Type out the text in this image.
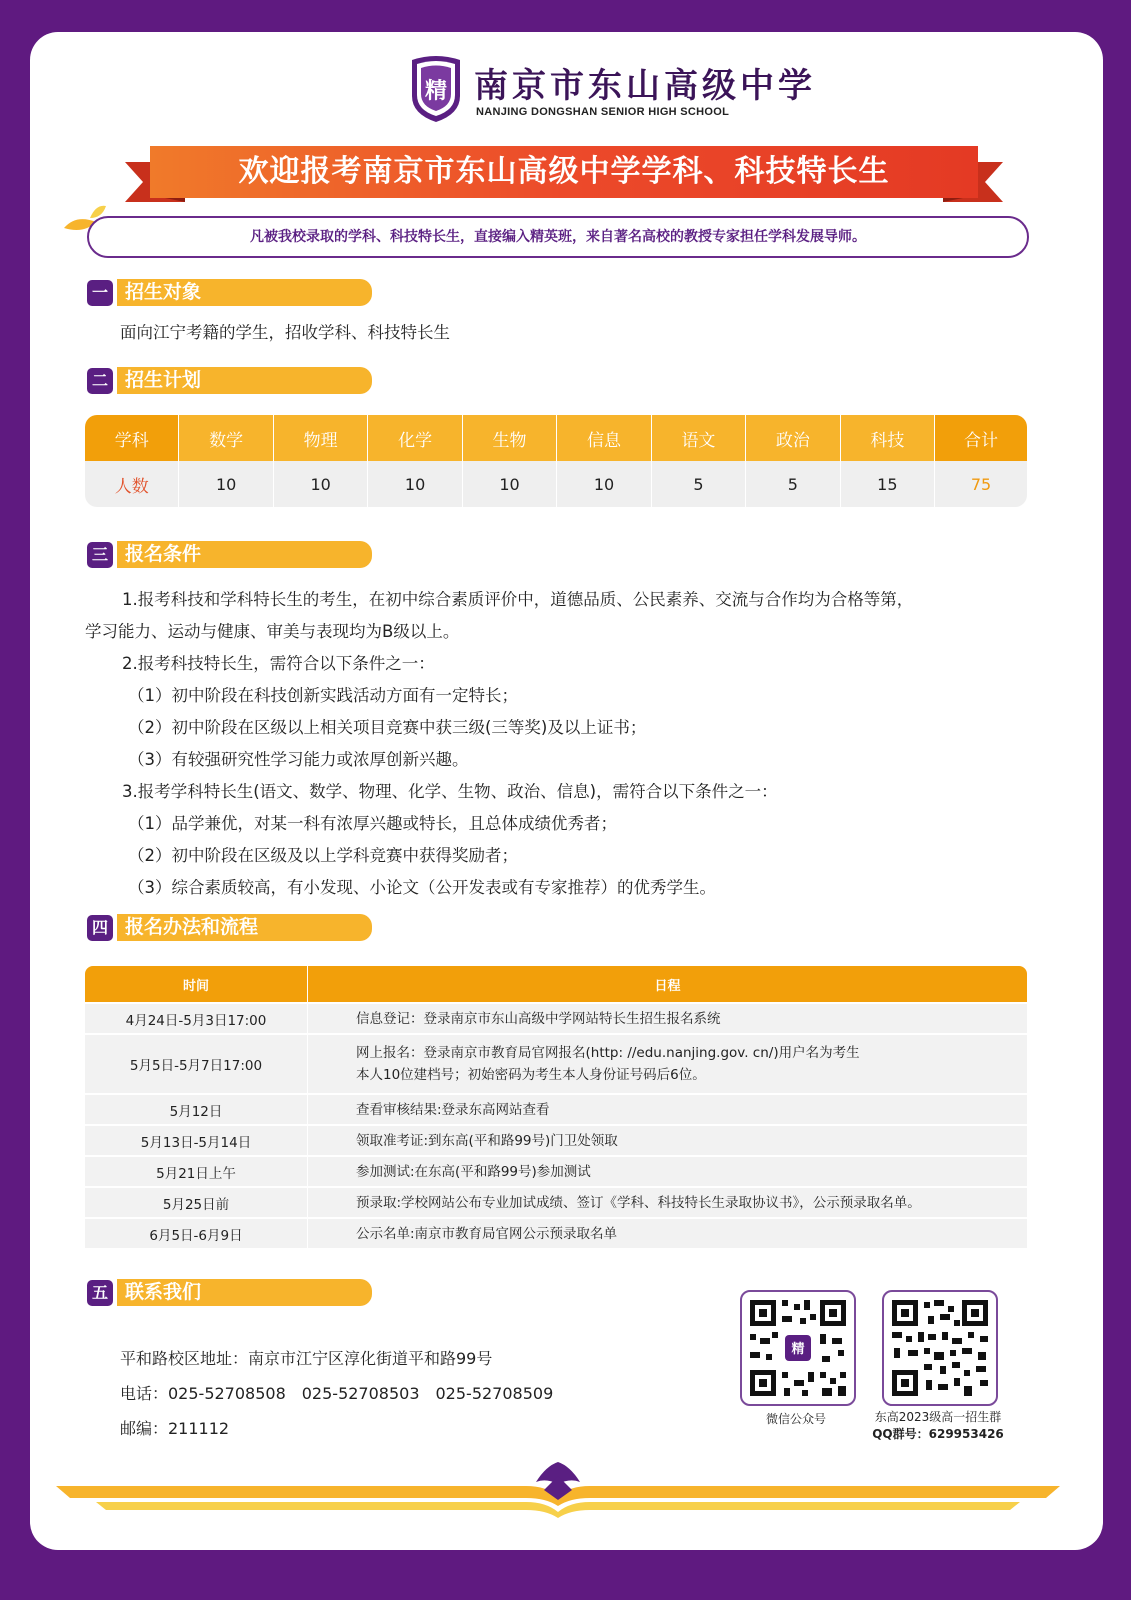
精 南京市东山高级中学
NANJING DONGSHAN SENIOR HIGH SCHOOL
欢迎报考南京市东山高级中学学科、科技特长生
凡被我校录取的学科、科技特长生，直接编入精英班，来自著名高校的教授专家担任学科发展导师。
一 招生对象
面向江宁考籍的学生，招收学科、科技特长生
二 招生计划
学科	数学	物理	化学	生物	信息	语文	政治	科技	合计
人数	10	10	10	10	10	5	5	15	75
三 报名条件
1.报考科技和学科特长生的考生，在初中综合素质评价中，道德品质、公民素养、交流与合作均为合格等第，
学习能力、运动与健康、审美与表现均为B级以上。
2.报考科技特长生，需符合以下条件之一：
（1）初中阶段在科技创新实践活动方面有一定特长；
（2）初中阶段在区级以上相关项目竞赛中获三级(三等奖)及以上证书；
（3）有较强研究性学习能力或浓厚创新兴趣。
3.报考学科特长生(语文、数学、物理、化学、生物、政治、信息)，需符合以下条件之一：
（1）品学兼优，对某一科有浓厚兴趣或特长，且总体成绩优秀者；
（2）初中阶段在区级及以上学科竞赛中获得奖励者；
（3）综合素质较高，有小发现、小论文（公开发表或有专家推荐）的优秀学生。
四 报名办法和流程
时间	日程
4月24日-5月3日17:00	信息登记：登录南京市东山高级中学网站特长生招生报名系统
5月5日-5月7日17:00	网上报名：登录南京市教育局官网报名(http: //edu.nanjing.gov. cn/)用户名为考生
本人10位建档号；初始密码为考生本人身份证号码后6位。

5月12日	查看审核结果:登录东高网站查看
5月13日-5月14日	领取准考证:到东高(平和路99号)门卫处领取
5月21日上午	参加测试:在东高(平和路99号)参加测试
5月25日前	预录取:学校网站公布专业加试成绩、签订《学科、科技特长生录取协议书》，公示预录取名单。
6月5日-6月9日	公示名单:南京市教育局官网公示预录取名单
五 联系我们
平和路校区地址：南京市江宁区淳化街道平和路99号
电话：025-52708508　025-52708503　025-52708509
邮编：211112
精
微信公众号	东高2023级高一招生群
QQ群号：629953426
